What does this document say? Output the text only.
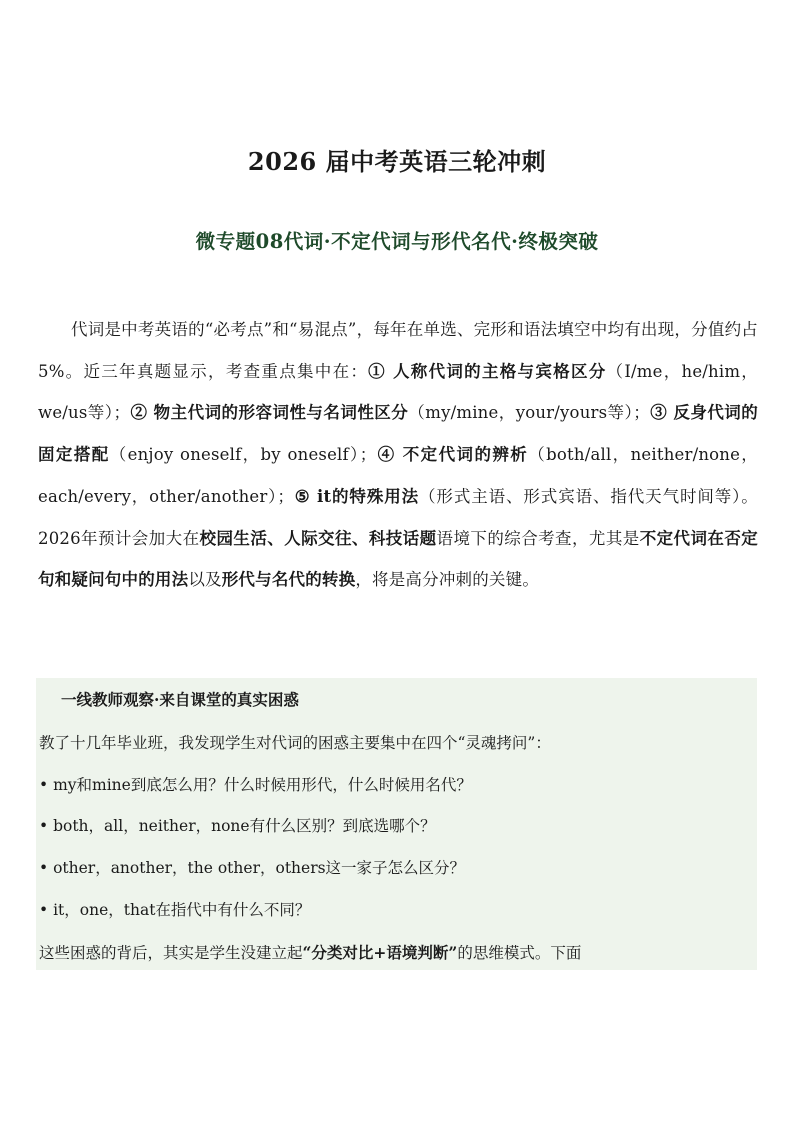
2026 届中考英语三轮冲刺
微专题08代词·不定代词与形代名代·终极突破
代词是中考英语的“必考点”和“易混点”，每年在单选、完形和语法填空中均有出现，分值约占5%。近三年真题显示，考查重点集中在：① 人称代词的主格与宾格区分（I/me，he/him，we/us等）；② 物主代词的形容词性与名词性区分（my/mine，your/yours等）；③ 反身代词的固定搭配（enjoy oneself，by oneself）；④ 不定代词的辨析（both/all，neither/none，each/every，other/another）；⑤ it的特殊用法（形式主语、形式宾语、指代天气时间等）。2026年预计会加大在校园生活、人际交往、科技话题语境下的综合考查，尤其是不定代词在否定句和疑问句中的用法以及形代与名代的转换，将是高分冲刺的关键。
一线教师观察·来自课堂的真实困惑
教了十几年毕业班，我发现学生对代词的困惑主要集中在四个“灵魂拷问”：
• my和mine到底怎么用？什么时候用形代，什么时候用名代？
• both，all，neither，none有什么区别？到底选哪个？
• other，another，the other，others这一家子怎么区分？
• it，one，that在指代中有什么不同？
这些困惑的背后，其实是学生没建立起“分类对比+语境判断”的思维模式。下面
